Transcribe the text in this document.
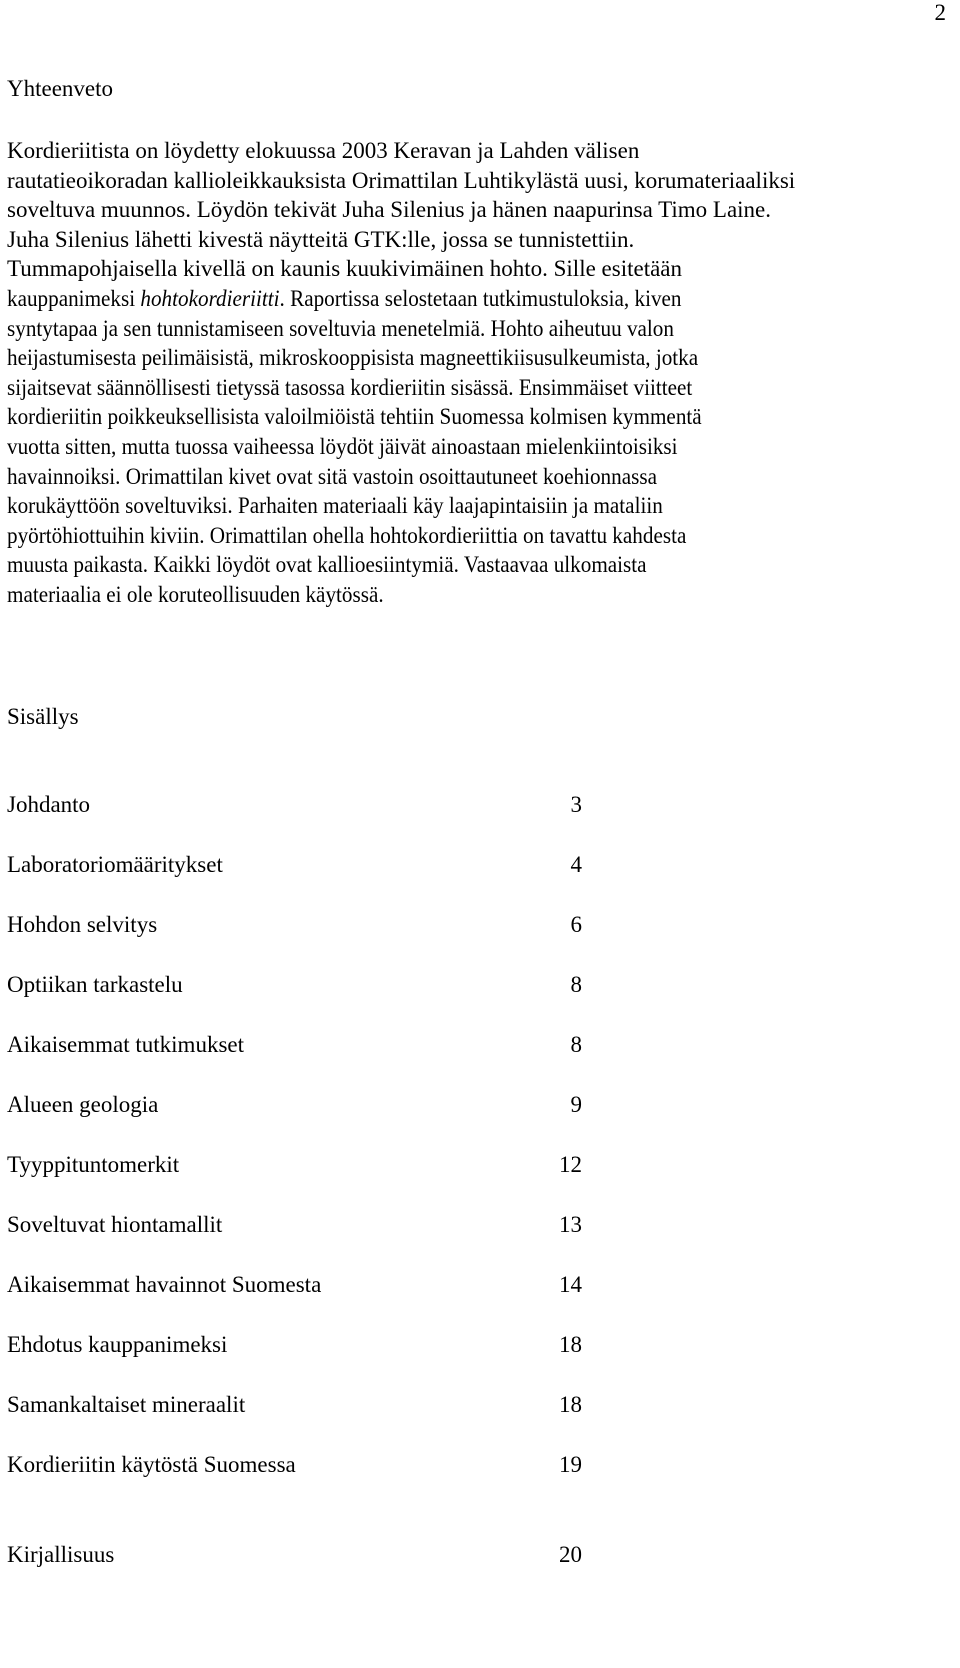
2
Yhteenveto
Kordieriitista on löydetty elokuussa 2003 Keravan ja Lahden välisen
rautatieoikoradan kallioleikkauksista Orimattilan Luhtikylästä uusi, korumateriaaliksi
soveltuva muunnos. Löydön tekivät Juha Silenius ja hänen naapurinsa Timo Laine.
Juha Silenius lähetti kivestä näytteitä GTK:lle, jossa se tunnistettiin.
Tummapohjaisella kivellä on kaunis kuukivimäinen hohto. Sille esitetään
kauppanimeksi hohtokordieriitti. Raportissa selostetaan tutkimustuloksia, kiven
syntytapaa ja sen tunnistamiseen soveltuvia menetelmiä. Hohto aiheutuu valon
heijastumisesta peilimäisistä, mikroskooppisista magneettikiisusulkeumista, jotka
sijaitsevat säännöllisesti tietyssä tasossa kordieriitin sisässä. Ensimmäiset viitteet
kordieriitin poikkeuksellisista valoilmiöistä tehtiin Suomessa kolmisen kymmentä
vuotta sitten, mutta tuossa vaiheessa löydöt jäivät ainoastaan mielenkiintoisiksi
havainnoiksi. Orimattilan kivet ovat sitä vastoin osoittautuneet koehionnassa
korukäyttöön soveltuviksi. Parhaiten materiaali käy laajapintaisiin ja mataliin
pyörtöhiottuihin kiviin. Orimattilan ohella hohtokordieriittia on tavattu kahdesta
muusta paikasta. Kaikki löydöt ovat kallioesiintymiä. Vastaavaa ulkomaista
materiaalia ei ole koruteollisuuden käytössä.
Sisällys
Johdanto	3
Laboratoriomääritykset	4
Hohdon selvitys	6
Optiikan tarkastelu	8
Aikaisemmat tutkimukset	8
Alueen geologia	9
Tyyppituntomerkit	12
Soveltuvat hiontamallit	13
Aikaisemmat havainnot Suomesta	14
Ehdotus kauppanimeksi	18
Samankaltaiset mineraalit	18
Kordieriitin käytöstä Suomessa	19
Kirjallisuus	20
